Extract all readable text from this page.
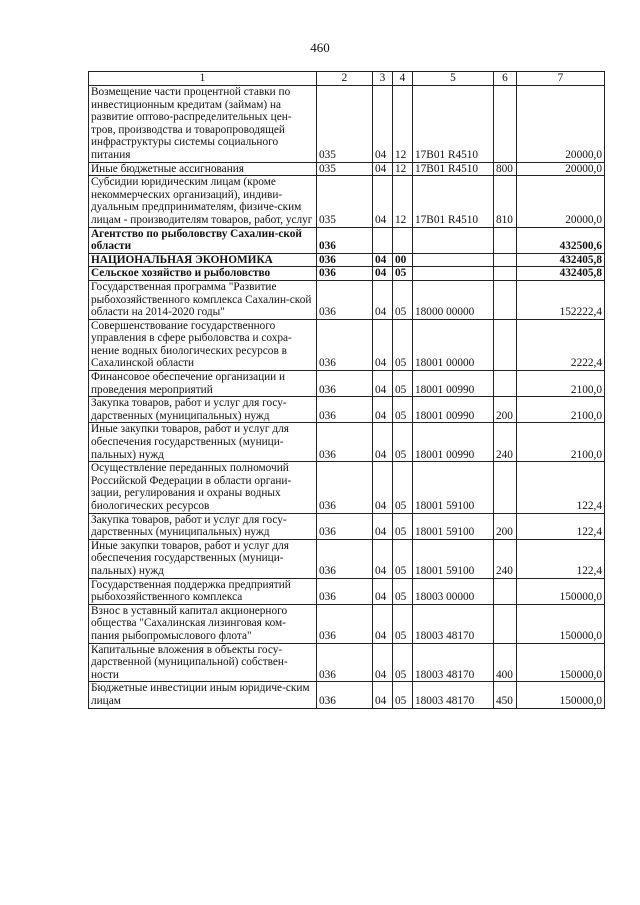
460
1	2	3	4	5	6	7
Возмещение части процентной ставки по инвестиционным кредитам (займам) на развитие оптово-распределительных цен-тров, производства и товаропроводящей инфраструктуры системы социального питания	035	04	12	17В01 R4510		20000,0
Иные бюджетные ассигнования	035	04	12	17В01 R4510	800	20000,0
Субсидии юридическим лицам (кроме некоммерческих организаций), индиви-дуальным предпринимателям, физиче-ским лицам - производителям товаров, работ, услуг	035	04	12	17В01 R4510	810	20000,0
Агентство по рыболовству Сахалин-ской области	036					432500,6
НАЦИОНАЛЬНАЯ ЭКОНОМИКА	036	04	00			432405,8
Сельское хозяйство и рыболовство	036	04	05			432405,8
Государственная программа "Развитие рыбохозяйственного комплекса Сахалин-ской области на 2014-2020 годы"	036	04	05	18000 00000		152222,4
Совершенствование государственного управления в сфере рыболовства и сохра-нение водных биологических ресурсов в Сахалинской области	036	04	05	18001 00000		2222,4
Финансовое обеспечение организации и проведения мероприятий	036	04	05	18001 00990		2100,0
Закупка товаров, работ и услуг для госу-дарственных (муниципальных) нужд	036	04	05	18001 00990	200	2100,0
Иные закупки товаров, работ и услуг для обеспечения государственных (муници-пальных) нужд	036	04	05	18001 00990	240	2100,0
Осуществление переданных полномочий Российской Федерации в области органи-зации, регулирования и охраны водных биологических ресурсов	036	04	05	18001 59100		122,4
Закупка товаров, работ и услуг для госу-дарственных (муниципальных) нужд	036	04	05	18001 59100	200	122,4
Иные закупки товаров, работ и услуг для обеспечения государственных (муници-пальных) нужд	036	04	05	18001 59100	240	122,4
Государственная поддержка предприятий рыбохозяйственного комплекса	036	04	05	18003 00000		150000,0
Взнос в уставный капитал акционерного общества "Сахалинская лизинговая ком-пания рыбопромыслового флота"	036	04	05	18003 48170		150000,0
Капитальные вложения в объекты госу-дарственной (муниципальной) собствен-ности	036	04	05	18003 48170	400	150000,0
Бюджетные инвестиции иным юридиче-ским лицам	036	04	05	18003 48170	450	150000,0
